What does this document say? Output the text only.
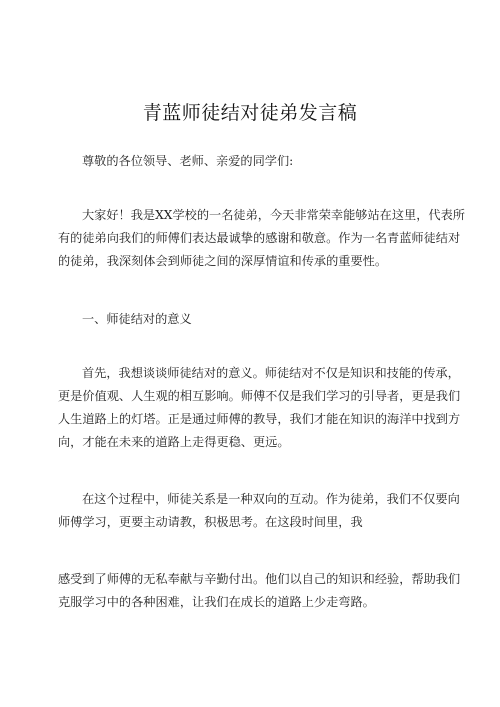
青蓝师徒结对徒弟发言稿

尊敬的各位领导、老师、亲爱的同学们:

大家好！我是XX学校的一名徒弟，今天非常荣幸能够站在这里，代表所
有的徒弟向我们的师傅们表达最诚挚的感谢和敬意。作为一名青蓝师徒结对
的徒弟，我深刻体会到师徒之间的深厚情谊和传承的重要性。

一、师徒结对的意义

首先，我想谈谈师徒结对的意义。师徒结对不仅是知识和技能的传承，
更是价值观、人生观的相互影响。师傅不仅是我们学习的引导者，更是我们
人生道路上的灯塔。正是通过师傅的教导，我们才能在知识的海洋中找到方
向，才能在未来的道路上走得更稳、更远。

在这个过程中，师徒关系是一种双向的互动。作为徒弟，我们不仅要向
师傅学习，更要主动请教，积极思考。在这段时间里，我

感受到了师傅的无私奉献与辛勤付出。他们以自己的知识和经验，帮助我们
克服学习中的各种困难，让我们在成长的道路上少走弯路。
